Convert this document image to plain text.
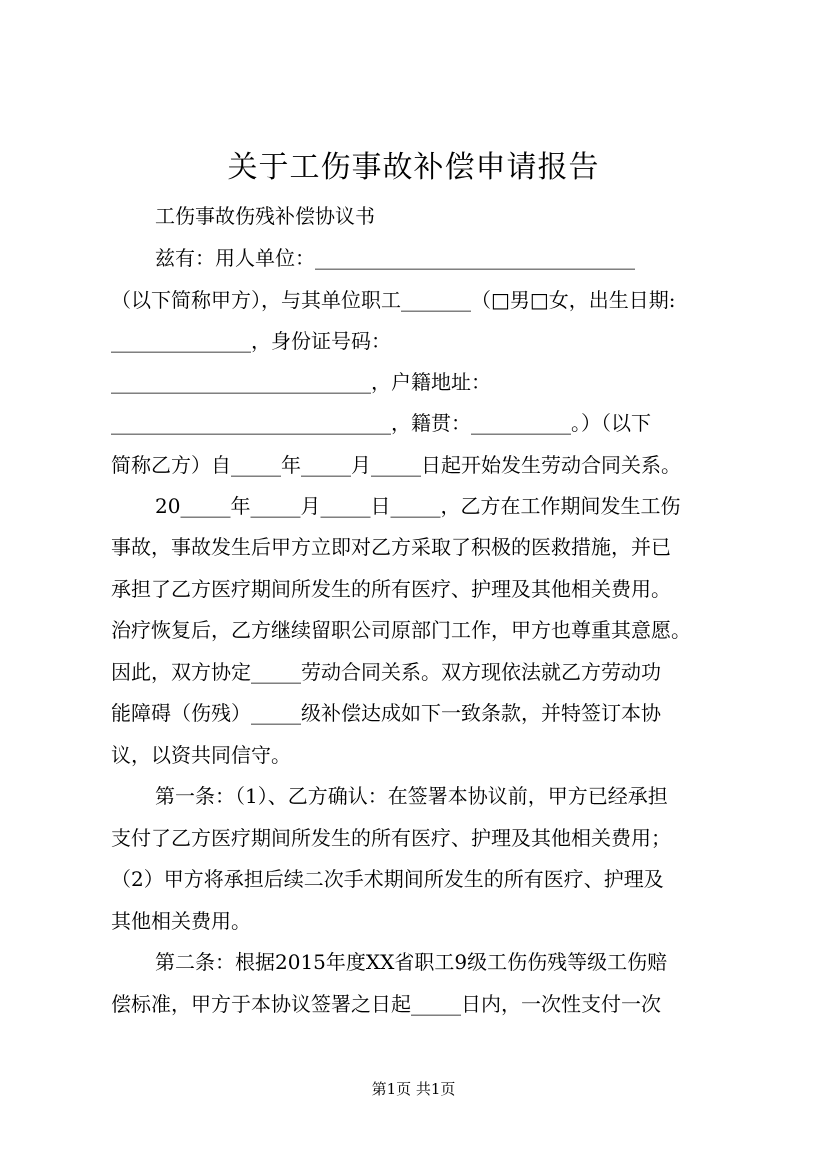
关于工伤事故补偿申请报告
工伤事故伤残补偿协议书
兹有：用人单位：________________________________
（以下简称甲方），与其单位职工_______（□男□女，出生日期:
______________，身份证号码：
__________________________，户籍地址：
____________________________，籍贯：__________。）（以下
简称乙方）自_____年_____月_____日起开始发生劳动合同关系。
20_____年_____月_____日_____，乙方在工作期间发生工伤
事故，事故发生后甲方立即对乙方采取了积极的医救措施，并已
承担了乙方医疗期间所发生的所有医疗、护理及其他相关费用。
治疗恢复后，乙方继续留职公司原部门工作，甲方也尊重其意愿。
因此，双方协定_____劳动合同关系。双方现依法就乙方劳动功
能障碍（伤残）_____级补偿达成如下一致条款，并特签订本协
议，以资共同信守。
第一条：（1）、乙方确认：在签署本协议前，甲方已经承担
支付了乙方医疗期间所发生的所有医疗、护理及其他相关费用；
（2）甲方将承担后续二次手术期间所发生的所有医疗、护理及
其他相关费用。
第二条：根据2015年度XX省职工9级工伤伤残等级工伤赔
偿标准，甲方于本协议签署之日起_____日内，一次性支付一次
第1页 共1页
